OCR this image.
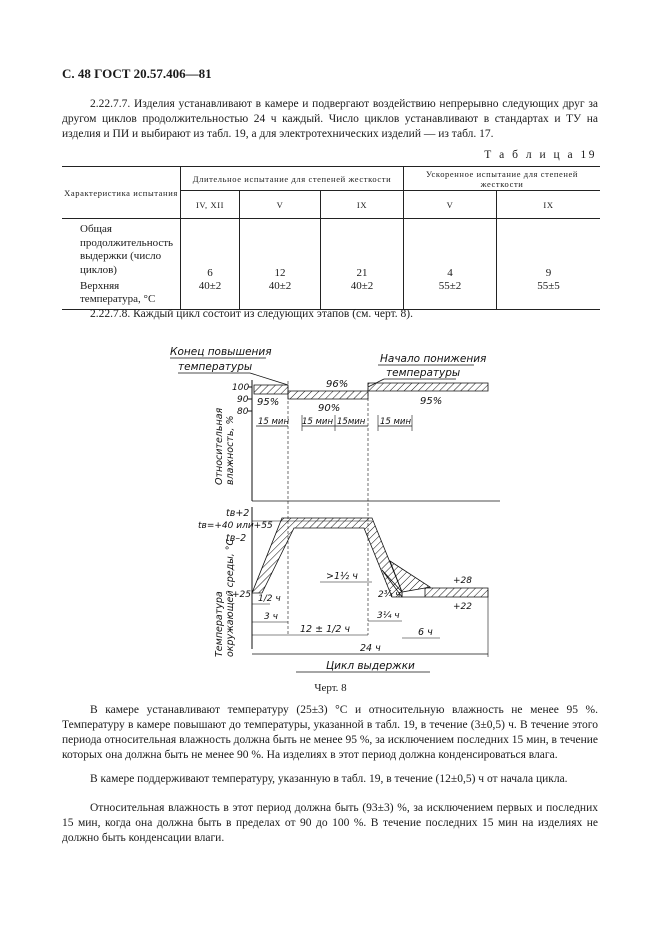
С. 48 ГОСТ 20.57.406—81
2.22.7.7. Изделия устанавливают в камере и подвергают воздействию непрерывно следующих друг за другом циклов продолжительностью 24 ч каждый. Число циклов устанавливают в стандартах и ТУ на изделия и ПИ и выбирают из табл. 19, а для электротехнических изделий — из табл. 17.
Т а б л и ц а 19
Характеристика испытания	Длительное испытание для степеней жесткости			Ускоренное испытание для степеней жесткости	
	IV, XII	V	IX	V	IX
Общая продолжительность выдержки (число циклов)	6	12	21	4	9
Верхняя температура, °С	40±2	40±2	40±2	55±2	55±5
2.22.7.8. Каждый цикл состоит из следующих этапов (см. черт. 8).
Конец повышения
температуры
Начало понижения
температуры
100
90
80
Относительная влажность, %
96%
95%
90%
95%
15 мин 15 мин 15мин 15 мин
tв+2
tв=+40 или+55
tв–2
+25
Температура окружающей среды, °С	+28
+22
>1½ ч
2¾ ч
3¼ ч
1/2 ч
3 ч
12 ± 1/2 ч	6 ч
24 ч
Цикл выдержки
Черт. 8
В камере устанавливают температуру (25±3) °С и относительную влажность не менее 95 %. Температуру в камере повышают до температуры, указанной в табл. 19, в течение (3±0,5) ч. В течение этого периода относительная влажность должна быть не менее 95 %, за исключением последних 15 мин, в течение которых она должна быть не менее 90 %. На изделиях в этот период должна конденсироваться влага.
В камере поддерживают температуру, указанную в табл. 19, в течение (12±0,5) ч от начала цикла.
Относительная влажность в этот период должна быть (93±3) %, за исключением первых и последних 15 мин, когда она должна быть в пределах от 90 до 100 %. В течение последних 15 мин на изделиях не должно быть конденсации влаги.
